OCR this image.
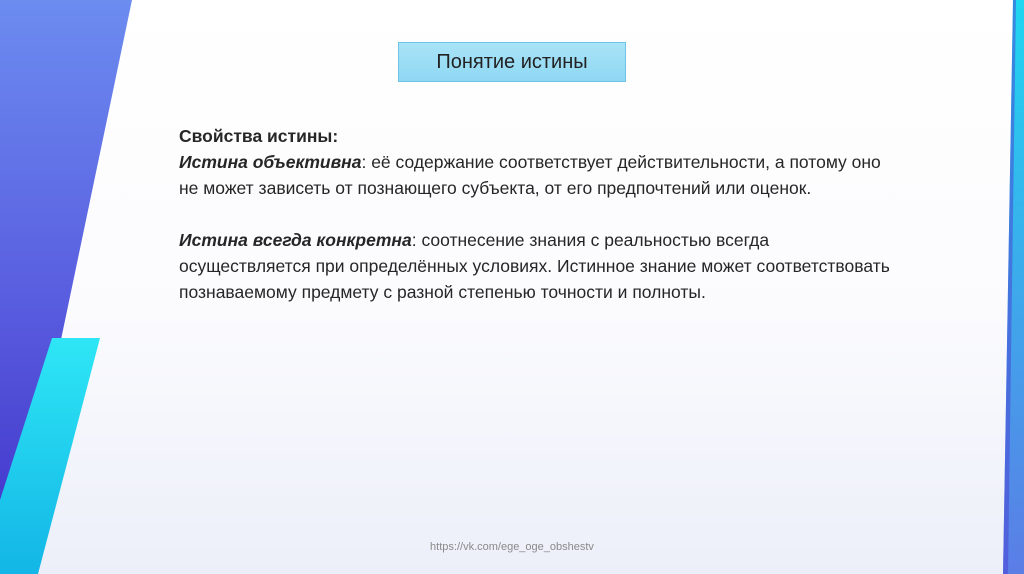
Понятие истины

Свойства истины:

Истина объективна: её содержание соответствует действительности, а потому оно не может зависеть от познающего субъекта, от его предпочтений или оценок.

Истина всегда конкретна: соотнесение знания с реальностью всегда осуществляется при определённых условиях. Истинное знание может соответствовать познаваемому предмету с разной степенью точности и полноты.

https://vk.com/ege_oge_obshestv
